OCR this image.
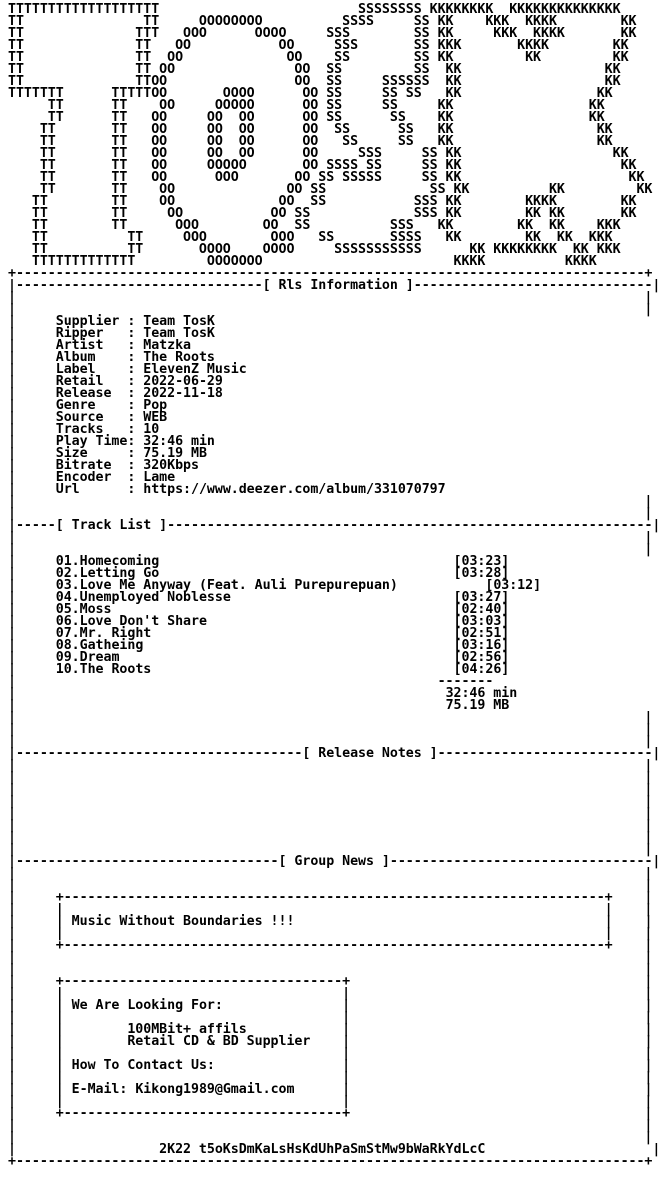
TTTTTTTTTTTTTTTTTTT                         SSSSSSSS KKKKKKKK  KKKKKKKKKKKKKK
TT               TT     OOOOOOOO          SSSS     SS KK    KKK  KKKK        KK
TT              TTT   OOO      OOOO     SSS        SS KK     KKK  KKKK       KK
TT              TT   OO           OO     SSS       SS KKK       KKKK        KK
TT              TT  OO             OO    SS        SS KK         KK         KK
TT              TT OO               OO  SS         SS  KK                  KK
TT              TTOO                OO  SS     SSSSSS  KK                  KK
TTTTTTT      TTTTTOO       OOOO      OO SS     SS SS   KK                 KK
TT      TT    OO     OOOOO      OO SS     SS     KK                 KK
TT      TT   OO     OO  OO      OO SS      SS    KK                 KK
TT       TT   OO     OO  OO      OO  SS      SS   KK                  KK
TT       TT   OO     OO  OO      OO   SS     SS   KK                  KK
TT       TT   OO     OO  OO      OO     SSS     SS KK                   KK
TT       TT   OO     OOOOO       OO SSSS SS     SS KK                    KK
TT       TT   OO      OOO       OO SS SSSSS     SS KK                     KK
TT       TT    OO              OO SS             SS KK          KK         KK
TT        TT    OO             OO  SS           SSS KK        KKKK        KK
TT        TT     OO           OO SS             SSS KK        KK KK       KK
TT        TT      OOO        OO  SS          SSS   KK        KK  KK    KKK
TT          TT     OOO        OOO   SS       SSSS   KK        KK  KK  KKK
TT          TT       OOOO    OOOO     SSSSSSSSSSS      KK KKKKKKKK  KK KKK
TTTTTTTTTTTTT         OOOOOOO                        KKKK          KKKK
+-------------------------------------------------------------------------------+
|-------------------------------[ Rls Information ]------------------------------|
|                                                                               |
|                                                                               |
|	Supplier : Team TosK
|	Ripper   : Team TosK
|	Artist   : Matzka
|	Album    : The Roots
|	Label    : ElevenZ Music
|	Retail   : 2022-06-29
|	Release  : 2022-11-18
|	Genre    : Pop
|	Source   : WEB
|	Tracks   : 10
|	Play Time: 32:46 min
|	Size     : 75.19 MB
|	Bitrate  : 320Kbps
|	Encoder  : Lame
|	Url      : https://www.deezer.com/album/331070797
|                                                                               |
|                                                                               |
|-----[ Track List ]-------------------------------------------------------------|
|                                                                               |
|                                                                               |
|	01.Homecoming                                     [03:23]
|	02.Letting Go                                     [03:28]
|	03.Love Me Anyway (Feat. Auli Purepurepuan)           [03:12]
|	04.Unemployed Noblesse                            [03:27]
|	05.Moss                                           [02:40]
|	06.Love Don't Share                               [03:03]
|	07.Mr. Right                                      [02:51]
|	08.Gatheing                                       [03:16]
|	09.Dream                                          [02:56]
|	10.The Roots                                      [04:26]
|	-------
|	32:46 min
|	75.19 MB
|                                                                               |
|                                                                               |
|                                                                               |
|------------------------------------[ Release Notes ]---------------------------|
|                                                                               |
|                                                                               |
|                                                                               |
|                                                                               |
|                                                                               |
|                                                                               |
|                                                                               |
|                                                                               |
|---------------------------------[ Group News ]---------------------------------|
|                                                                               |
|                                                                               |
|     +--------------------------------------------------------------------+    |
|     |                                                                    |    |
|     | Music Without Boundaries !!!	|    |
|     |                                                                    |    |
|     +--------------------------------------------------------------------+    |
|                                                                               |
|                                                                               |
|     +-----------------------------------+                                     |
|     |                                   |                                     |
|     | We Are Looking For:	|                                     |
|     |                                   |                                     |
|     |	100MBit+ affils	|                                     |
|     |	Retail CD & BD Supplier    |                                     |
|     |                                   |                                     |
|     | How To Contact Us:	|                                     |
|     |                                   |                                     |
|     | E-Mail: Kikong1989@Gmail.com	|                                     |
|     |                                   |                                     |
|     +-----------------------------------+                                     |
|                                                                               |
|                                                                               |
|	2K22 t5oKsDmKaLsHsKdUhPaSmStMw9bWaRkYdLcC	|
+-------------------------------------------------------------------------------+
